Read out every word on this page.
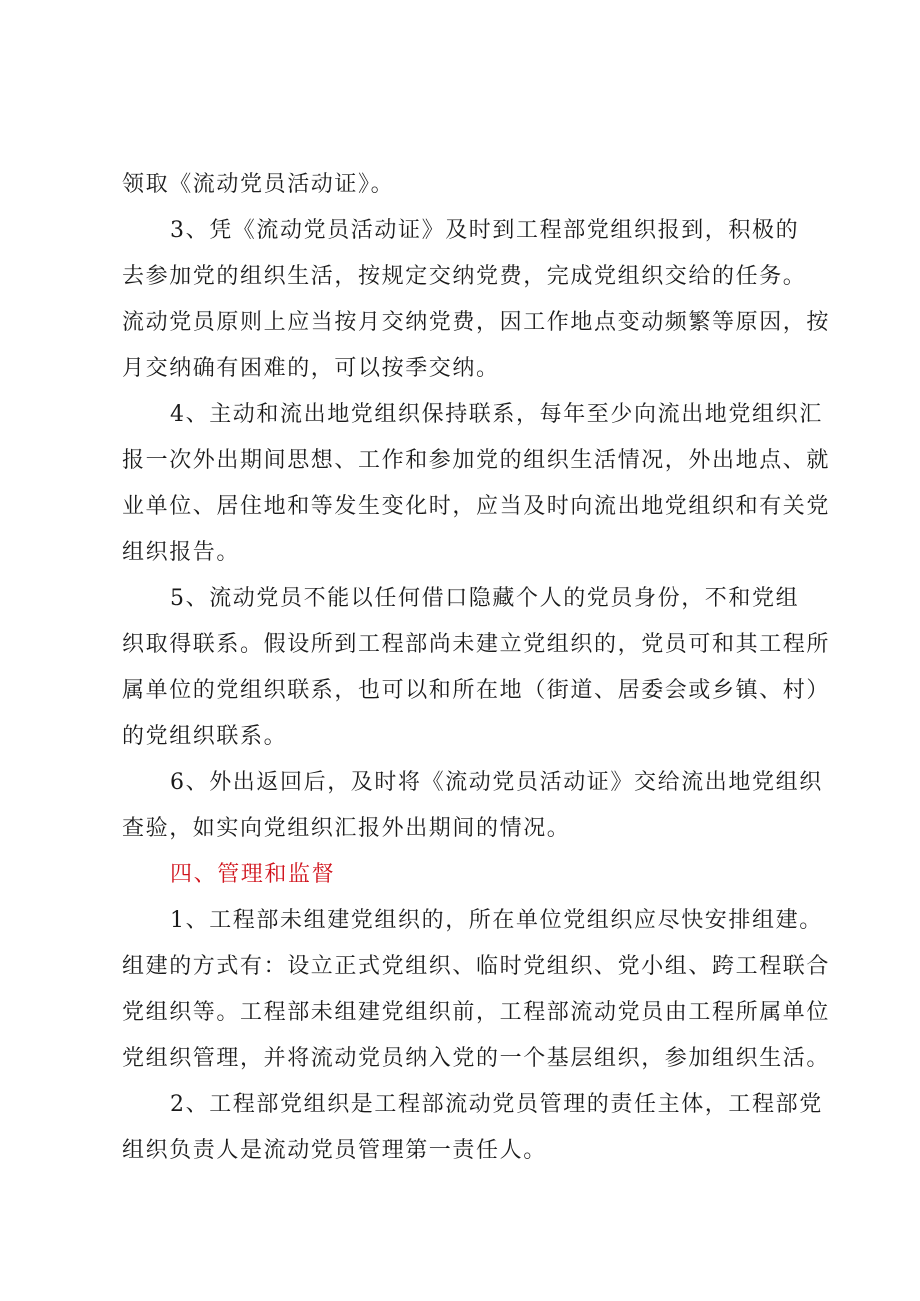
领取《流动党员活动证》。
3、凭《流动党员活动证》及时到工程部党组织报到，积极的
去参加党的组织生活，按规定交纳党费，完成党组织交给的任务。
流动党员原则上应当按月交纳党费，因工作地点变动频繁等原因，按
月交纳确有困难的，可以按季交纳。
4、主动和流出地党组织保持联系，每年至少向流出地党组织汇
报一次外出期间思想、工作和参加党的组织生活情况，外出地点、就
业单位、居住地和等发生变化时，应当及时向流出地党组织和有关党
组织报告。
5、流动党员不能以任何借口隐藏个人的党员身份，不和党组
织取得联系。假设所到工程部尚未建立党组织的，党员可和其工程所
属单位的党组织联系，也可以和所在地（街道、居委会或乡镇、村）
的党组织联系。
6、外出返回后，及时将《流动党员活动证》交给流出地党组织
查验，如实向党组织汇报外出期间的情况。
四、管理和监督
1、工程部未组建党组织的，所在单位党组织应尽快安排组建。
组建的方式有：设立正式党组织、临时党组织、党小组、跨工程联合
党组织等。工程部未组建党组织前，工程部流动党员由工程所属单位
党组织管理，并将流动党员纳入党的一个基层组织，参加组织生活。
2、工程部党组织是工程部流动党员管理的责任主体，工程部党
组织负责人是流动党员管理第一责任人。
